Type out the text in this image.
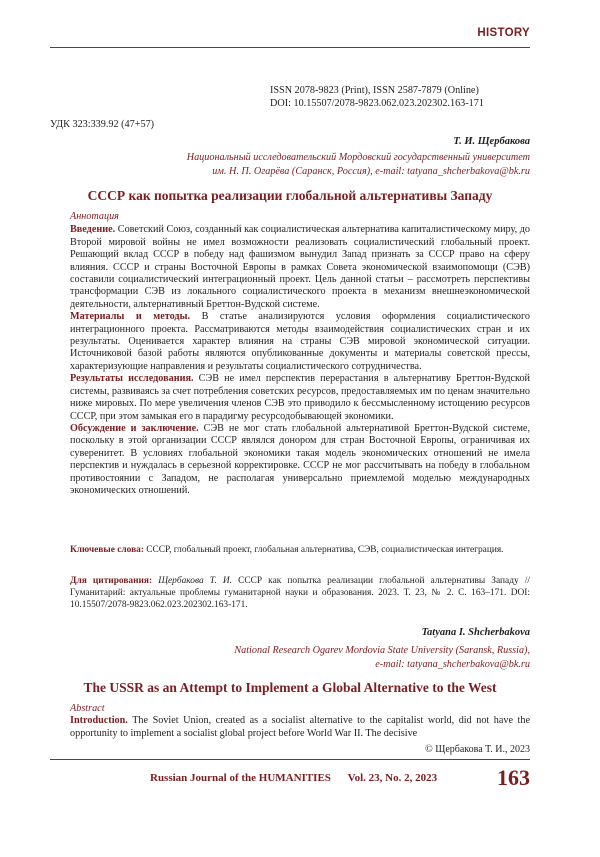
HISTORY
ISSN 2078-9823 (Print), ISSN 2587-7879 (Online)
DOI: 10.15507/2078-9823.062.023.202302.163-171
УДК 323:339.92 (47+57)
Т. И. Щербакова
Национальный исследовательский Мордовский государственный университет
им. Н. П. Огарёва (Саранск, Россия), e-mail: tatyana_shcherbakova@bk.ru
СССР как попытка реализации глобальной альтернативы Западу
Аннотация

Введение. Советский Союз, созданный как социалистическая альтернатива капиталистическому миру, до Второй мировой войны не имел возможности реализовать социалистический глобальный проект. Решающий вклад СССР в победу над фашизмом вынудил Запад признать за СССР право на сферу влияния. СССР и страны Восточной Европы в рамках Совета экономической взаимопомощи (СЭВ) составили социалистический интеграционный проект. Цель данной статьи – рассмотреть перспективы трансформации СЭВ из локального социалистического проекта в механизм внешнеэкономической деятельности, альтернативный Бреттон-Вудской системе.

Материалы и методы. В статье анализируются условия оформления социалистического интеграционного проекта. Рассматриваются методы взаимодействия социалистических стран и их результаты. Оценивается характер влияния на страны СЭВ мировой экономической ситуации. Источниковой базой работы являются опубликованные документы и материалы советской прессы, характеризующие направления и результаты социалистического сотрудничества.

Результаты исследования. СЭВ не имел перспектив перерастания в альтернативу Бреттон-Вудской системы, развиваясь за счет потребления советских ресурсов, предоставляемых им по ценам значительно ниже мировых. По мере увеличения членов СЭВ это приводило к бессмысленному истощению ресурсов СССР, при этом замыкая его в парадигму ресурсодобывающей экономики.

Обсуждение и заключение. СЭВ не мог стать глобальной альтернативой Бреттон-Вудской системе, поскольку в этой организации СССР являлся донором для стран Восточной Европы, ограничивая их суверенитет. В условиях глобальной экономики такая модель экономических отношений не имела перспектив и нуждалась в серьезной корректировке. СССР не мог рассчитывать на победу в глобальном противостоянии с Западом, не располагая универсально приемлемой моделью международных экономических отношений.

Ключевые слова: СССР, глобальный проект, глобальная альтернатива, СЭВ, социалистическая интеграция.
Для цитирования: Щербакова Т. И. СССР как попытка реализации глобальной альтернативы Западу // Гуманитарий: актуальные проблемы гуманитарной науки и образования. 2023. Т. 23, № 2. С. 163–171. DOI: 10.15507/2078-9823.062.023.202302.163-171.
Tatyana I. Shcherbakova
National Research Ogarev Mordovia State University (Saransk, Russia),
e-mail: tatyana_shcherbakova@bk.ru
The USSR as an Attempt to Implement a Global Alternative to the West
Abstract

Introduction. The Soviet Union, created as a socialist alternative to the capitalist world, did not have the opportunity to implement a socialist global project before World War II. The decisive

© Щербакова Т. И., 2023
Russian Journal of the HUMANITIES Vol. 23, No. 2, 2023	163
